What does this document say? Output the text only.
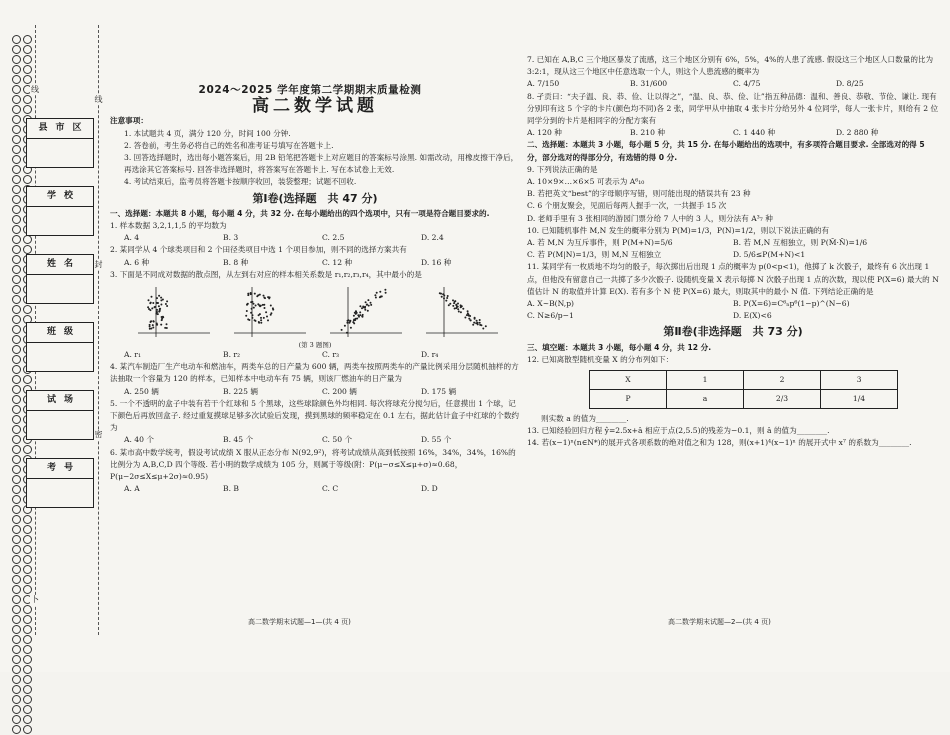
线
卜
线
封
密
县市区
学校
姓名
班级
试场
考号

2024～2025 学年度第二学期期末质量检测

高二数学试题

注意事项：

1. 本试题共 4 页，满分 120 分，时间 100 分钟.

2. 答卷前，考生务必将自己的姓名和准考证号填写在答题卡上.

3. 回答选择题时，选出每小题答案后，用 2B 铅笔把答题卡上对应题目的答案标号涂黑. 如需改动，用橡皮擦干净后，再选涂其它答案标号. 回答非选择题时，将答案写在答题卡上. 写在本试卷上无效.

4. 考试结束后，监考员将答题卡按顺序收回，装袋整理；试题不回收.

第Ⅰ卷(选择题　共 47 分)

一、选择题：本题共 8 小题，每小题 4 分，共 32 分. 在每小题给出的四个选项中，只有一项是符合题目要求的.

1. 样本数据 3,2,1,1,5 的平均数为

A. 4	B. 3	C. 2.5	D. 2.4

2. 某同学从 4 个球类项目和 2 个田径类项目中选 1 个项目参加，则不同的选择方案共有

A. 6 种	B. 8 种	C. 12 种	D. 16 种

3. 下面是不同成对数据的散点图，从左到右对应的样本相关系数是 r₁,r₂,r₃,r₄，其中最小的是

(第 3 题图)

A. r₁	B. r₂	C. r₃	D. r₄

4. 某汽车制造厂生产电动车和燃油车，两类车总的日产量为 600 辆，两类车按照两类车的产量比例采用分层随机抽样的方法抽取一个容量为 120 的样本，已知样本中电动车有 75 辆，则该厂燃油车的日产量为

A. 250 辆	B. 225 辆	C. 200 辆	D. 175 辆

5. 一个不透明的盒子中装有若干个红球和 5 个黑球，这些球除颜色外均相同. 每次将球充分搅匀后，任意摸出 1 个球，记下颜色后再放回盒子. 经过重复摸球足够多次试验后发现，摸到黑球的频率稳定在 0.1 左右，据此估计盒子中红球的个数约为

A. 40 个	B. 45 个	C. 50 个	D. 55 个

6. 某市高中数学统考，假设考试成绩 X 服从正态分布 N(92,9²)，将考试成绩从高到低按照 16%，34%，34%，16%的比例分为 A,B,C,D 四个等级. 若小明的数学成绩为 105 分，则属于等级(附：P(μ−σ≤X≤μ+σ)≈0.68，P(μ−2σ≤X≤μ+2σ)≈0.95)

A. A	B. B	C. C	D. D
高二数学期末试题—1—(共 4 页)

7. 已知在 A,B,C 三个地区暴发了流感，这三个地区分别有 6%，5%，4%的人患了流感. 假设这三个地区人口数量的比为 3:2:1，现从这三个地区中任意选取一个人，则这个人患流感的概率为

A. 7/150	B. 31/600	C. 4/75	D. 8/25

8. 孑贡曰：“夫子温、良、恭、俭、让以得之”，“温、良、恭、俭、让”指五种品德：温和、善良、恭敬、节俭、谦让. 现有分别印有这 5 个字的卡片(颜色均不同)各 2 张，同学甲从中抽取 4 张卡片分给另外 4 位同学，每人一张卡片，则给有 2 位同学分到的卡片是相同字的分配方案有

A. 120 种	B. 210 种	C. 1 440 种	D. 2 880 种

二、选择题：本题共 3 小题，每小题 5 分，共 15 分. 在每小题给出的选项中，有多项符合题目要求. 全部选对的得 5 分，部分选对的得部分分，有选错的得 0 分.

9. 下列说法正确的是

A. 10×9×…×6×5 可表示为 A⁶₁₀

B. 若把英文“best”的字母顺序写错，则可能出现的错误共有 23 种

C. 6 个朋友聚会，见面后每两人握手一次，一共握手 15 次

D. 老师手里有 3 张相同的游园门票分给 7 人中的 3 人，则分法有 A³₇ 种

10. 已知随机事件 M,N 发生的概率分别为 P(M)=1/3，P(N)=1/2，则以下说法正确的有

A. 若 M,N 为互斥事件，则 P(M+N)=5/6	B. 若 M,N 互相独立，则 P(M̄·N̄)=1/6
C. 若 P(M|N)=1/3，则 M,N 互相独立	D. 5/6≤P(M+N)<1

11. 某同学有一枚质地不均匀的骰子，每次掷出后出现 1 点的概率为 p(0<p<1)，他掷了 k 次骰子，最终有 6 次出现 1 点，但他没有留意自己一共掷了多少次骰子. 设随机变量 X 表示每掷 N 次骰子出现 1 点的次数，现以使 P(X=6) 最大的 N 值估计 N 的取值并计算 E(X). 若有多个 N 使 P(X=6) 最大，则取其中的最小 N 值. 下列结论正确的是

A. X~B(N,p)	B. P(X=6)=C⁶ₙp⁶(1−p)^(N−6)
C. N≥6/p−1	D. E(X)<6

第Ⅱ卷(非选择题　共 73 分)

三、填空题：本题共 3 小题，每小题 4 分，共 12 分.

12. 已知离散型随机变量 X 的分布列如下：

X	1	2	3
P	a	2/3	1/4

则实数 a 的值为________.

13. 已知经验回归方程 ŷ=2.5x+â 相应于点(2,5.5)的残差为−0.1，则 â 的值为________.

14. 若(x−1)ⁿ(n∈N*)的展开式各项系数的绝对值之和为 128，则(x+1)⁴(x−1)ⁿ 的展开式中 x⁷ 的系数为________.

高二数学期末试题—2—(共 4 页)
